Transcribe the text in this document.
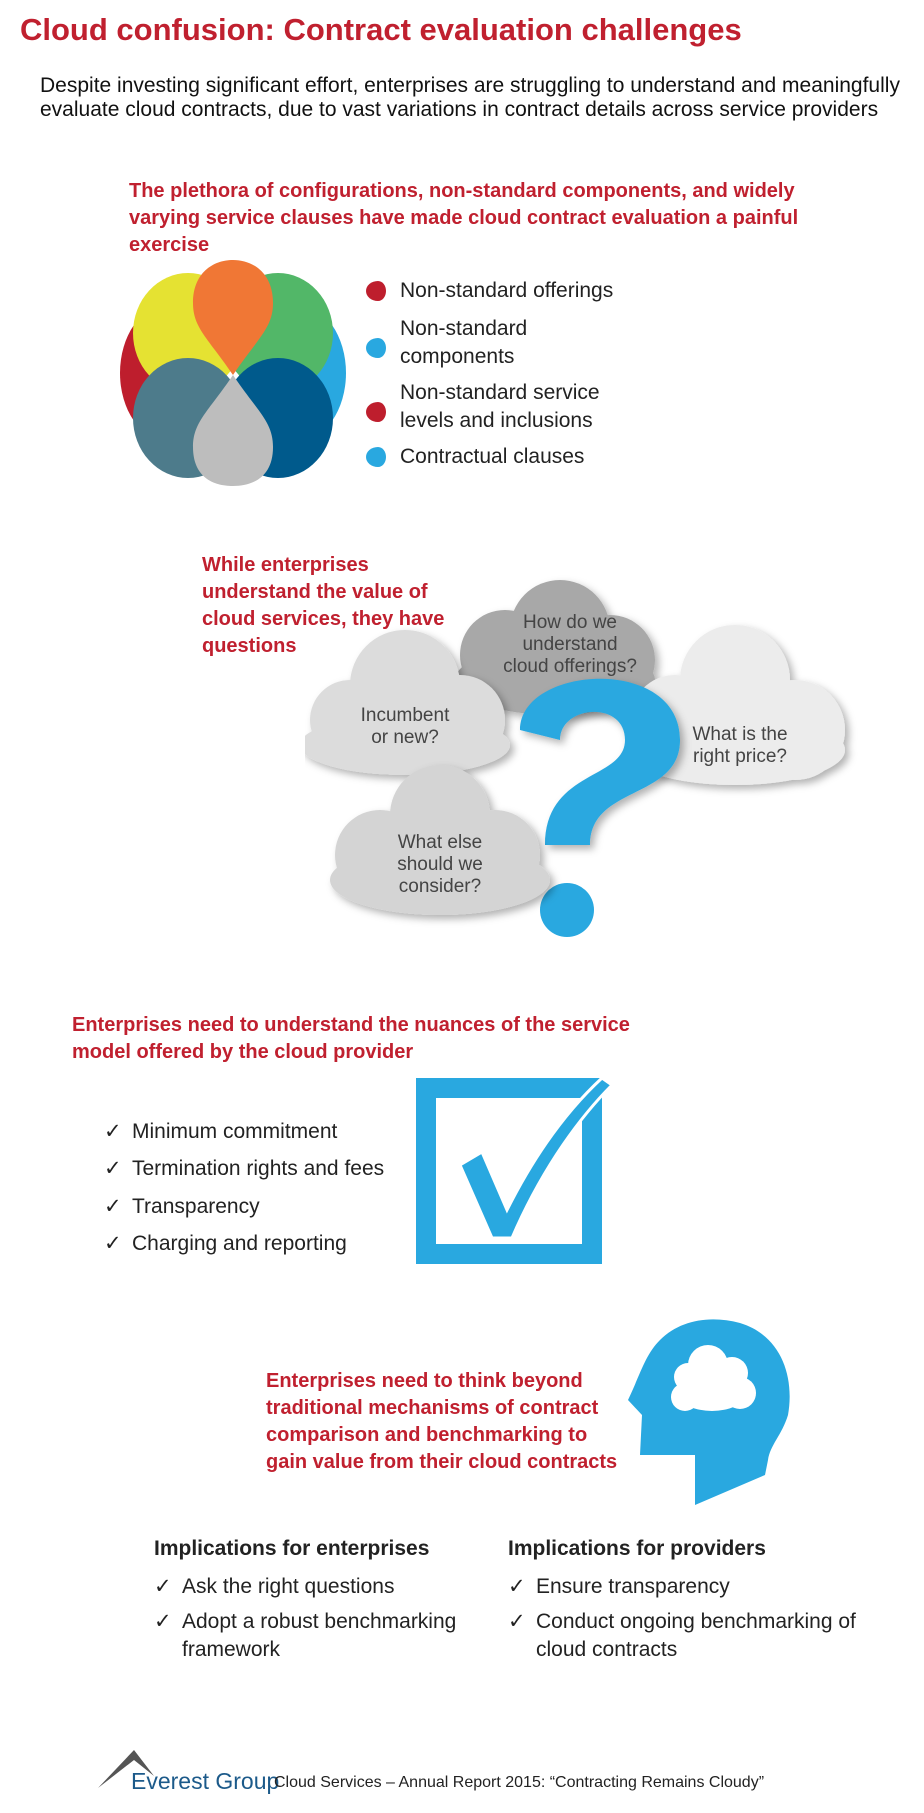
Cloud confusion: Contract evaluation challenges
Despite investing significant effort, enterprises are struggling to understand and meaningfully evaluate cloud contracts, due to vast variations in contract details across service providers
The plethora of configurations, non-standard components, and widely varying service clauses have made cloud contract evaluation a painful exercise
Non-standard offerings
Non-standard components
Non-standard service levels and inclusions
Contractual clauses
While enterprises understand the value of cloud services, they have questions
How do we understand cloud offerings?
Incumbent or new?	What is the right price?
What else should we consider?
Enterprises need to understand the nuances of the service model offered by the cloud provider
✓ Minimum commitment
✓ Termination rights and fees
✓ Transparency
✓ Charging and reporting
Enterprises need to think beyond traditional mechanisms of contract comparison and benchmarking to gain value from their cloud contracts
Implications for enterprises
✓ Ask the right questions
✓ Adopt a robust benchmarking framework
Implications for providers
✓ Ensure transparency
✓ Conduct ongoing benchmarking of cloud contracts
Everest Group
Cloud Services – Annual Report 2015: “Contracting Remains Cloudy”
